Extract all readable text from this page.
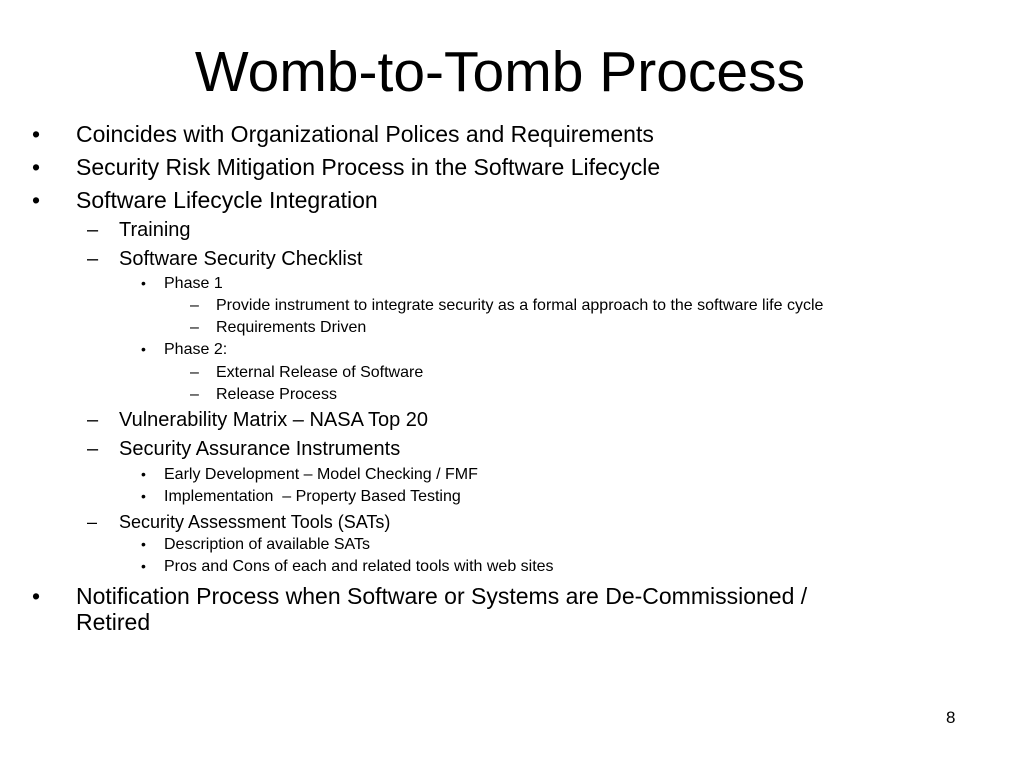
Womb-to-Tomb Process
• Coincides with Organizational Polices and Requirements
• Security Risk Mitigation Process in the Software Lifecycle
• Software Lifecycle Integration
– Training
– Software Security Checklist
• Phase 1
– Provide instrument to integrate security as a formal approach to the software life cycle
– Requirements Driven
• Phase 2:
– External Release of Software
– Release Process
– Vulnerability Matrix – NASA Top 20
– Security Assurance Instruments
• Early Development – Model Checking / FMF
• Implementation  – Property Based Testing
– Security Assessment Tools (SATs)
• Description of available SATs
• Pros and Cons of each and related tools with web sites
• Notification Process when Software or Systems are De-Commissioned /
Retired
8
